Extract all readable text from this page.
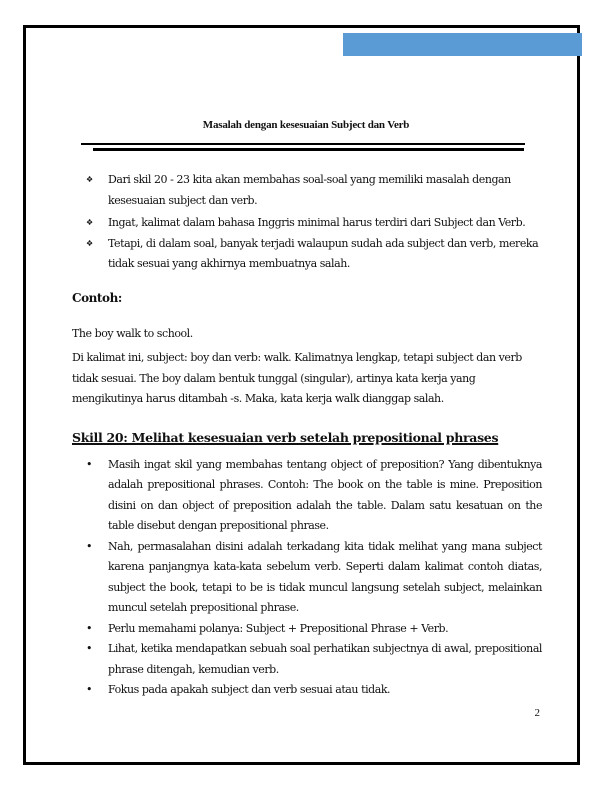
Masalah dengan kesesuaian Subject dan Verb
❖ Dari skil 20 - 23 kita akan membahas soal-soal yang memiliki masalah dengan kesesuaian subject dan verb.
❖ Ingat, kalimat dalam bahasa Inggris minimal harus terdiri dari Subject dan Verb.
❖ Tetapi, di dalam soal, banyak terjadi walaupun sudah ada subject dan verb, mereka tidak sesuai yang akhirnya membuatnya salah.
Contoh:
The boy walk to school.
Di kalimat ini, subject: boy dan verb: walk. Kalimatnya lengkap, tetapi subject dan verb tidak sesuai. The boy dalam bentuk tunggal (singular), artinya kata kerja yang mengikutinya harus ditambah -s. Maka, kata kerja walk dianggap salah.
Skill 20: Melihat kesesuaian verb setelah prepositional phrases
• Masih ingat skil yang membahas tentang object of preposition? Yang dibentuknya adalah prepositional phrases. Contoh: The book on the table is mine. Preposition disini on dan object of preposition adalah the table. Dalam satu kesatuan on the table disebut dengan prepositional phrase.
• Nah, permasalahan disini adalah terkadang kita tidak melihat yang mana subject karena panjangnya kata-kata sebelum verb. Seperti dalam kalimat contoh diatas, subject the book, tetapi to be is tidak muncul langsung setelah subject, melainkan muncul setelah prepositional phrase.
• Perlu memahami polanya: Subject + Prepositional Phrase + Verb.
• Lihat, ketika mendapatkan sebuah soal perhatikan subjectnya di awal, prepositional phrase ditengah, kemudian verb.
• Fokus pada apakah subject dan verb sesuai atau tidak.
2
